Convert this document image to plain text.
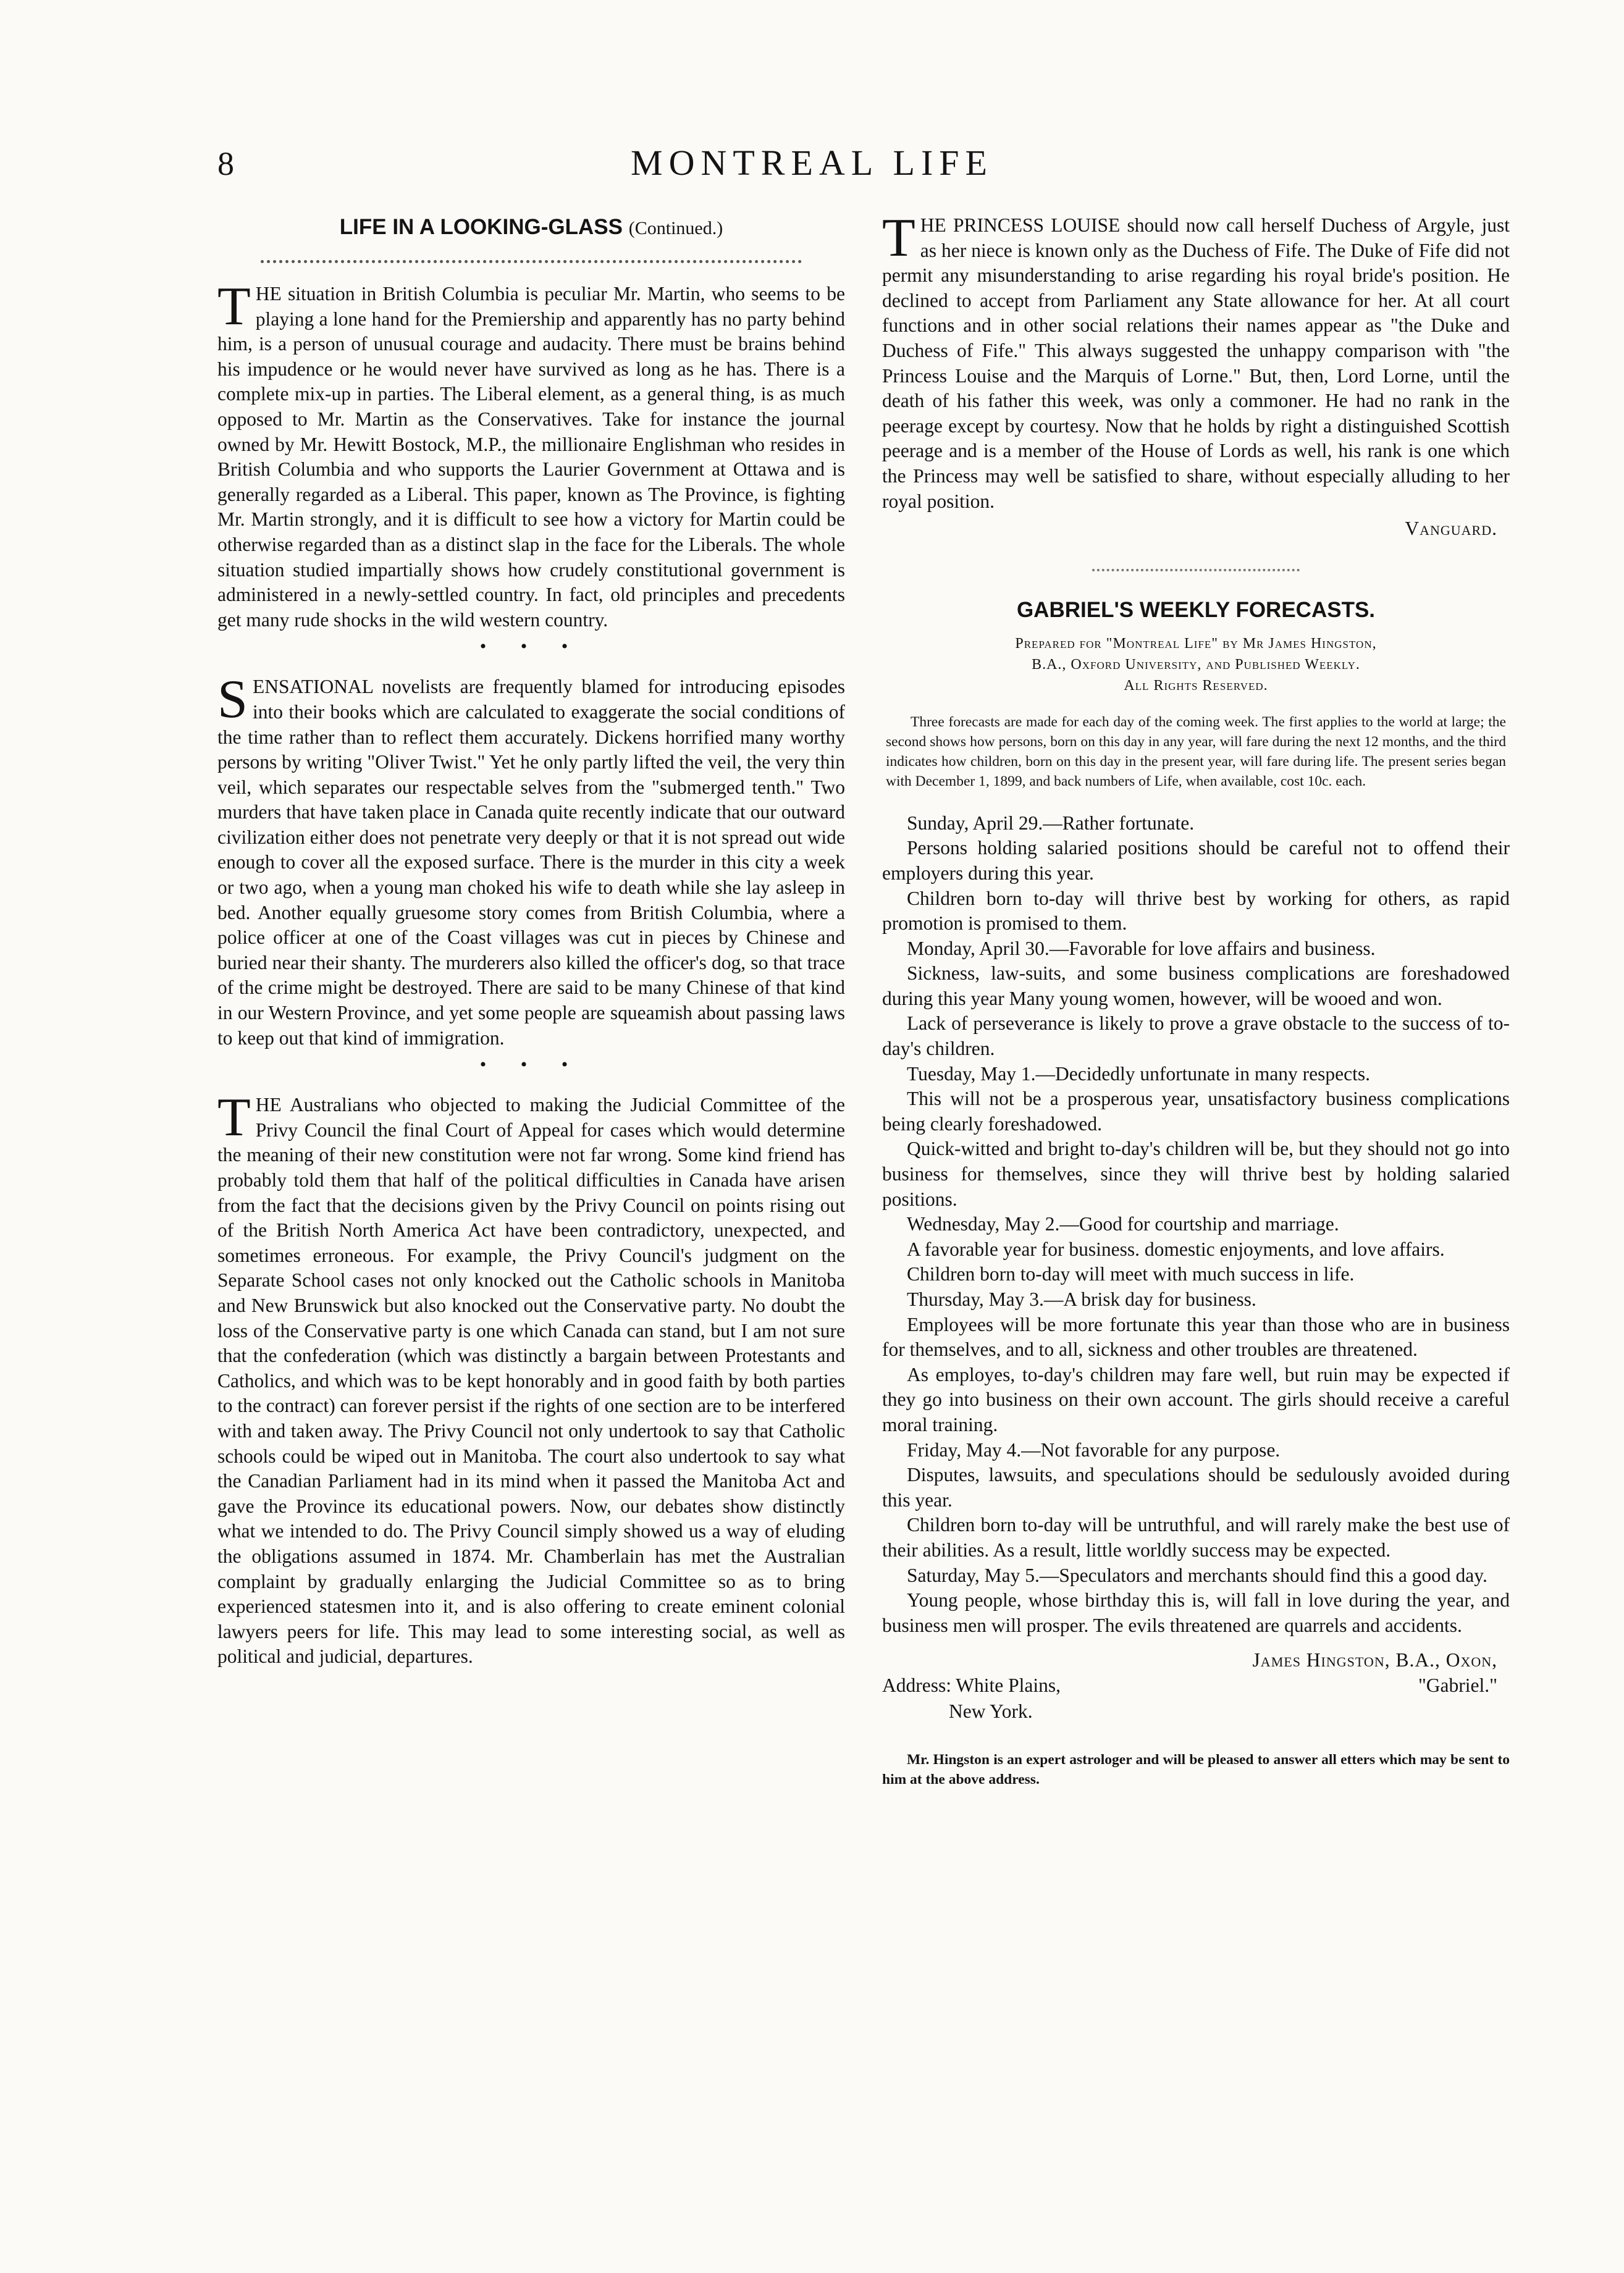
8	MONTREAL LIFE
LIFE IN A LOOKING-GLASS (Continued.)
T HE situation in British Columbia is peculiar Mr. Martin, who seems to be playing a lone hand for the Premiership and apparently has no party behind him, is a person of unusual courage and audacity. There must be brains behind his impudence or he would never have survived as long as he has. There is a complete mix-up in parties. The Liberal element, as a general thing, is as much opposed to Mr. Martin as the Conservatives. Take for instance the journal owned by Mr. Hewitt Bostock, M.P., the millionaire Englishman who resides in British Columbia and who supports the Laurier Government at Ottawa and is generally regarded as a Liberal. This paper, known as The Province, is fighting Mr. Martin strongly, and it is difficult to see how a victory for Martin could be otherwise regarded than as a distinct slap in the face for the Liberals. The whole situation studied impartially shows how crudely constitutional government is administered in a newly-settled country. In fact, old principles and precedents get many rude shocks in the wild western country.

• • •
S ENSATIONAL novelists are frequently blamed for introducing episodes into their books which are calculated to exaggerate the social conditions of the time rather than to reflect them accurately. Dickens horrified many worthy persons by writing "Oliver Twist." Yet he only partly lifted the veil, the very thin veil, which separates our respectable selves from the "submerged tenth." Two murders that have taken place in Canada quite recently indicate that our outward civilization either does not penetrate very deeply or that it is not spread out wide enough to cover all the exposed surface. There is the murder in this city a week or two ago, when a young man choked his wife to death while she lay asleep in bed. Another equally gruesome story comes from British Columbia, where a police officer at one of the Coast villages was cut in pieces by Chinese and buried near their shanty. The murderers also killed the officer's dog, so that trace of the crime might be destroyed. There are said to be many Chinese of that kind in our Western Province, and yet some people are squeamish about passing laws to keep out that kind of immigration.

• • •
T HE Australians who objected to making the Judicial Committee of the Privy Council the final Court of Appeal for cases which would determine the meaning of their new constitution were not far wrong. Some kind friend has probably told them that half of the political difficulties in Canada have arisen from the fact that the decisions given by the Privy Council on points rising out of the British North America Act have been contradictory, unexpected, and sometimes erroneous. For example, the Privy Council's judgment on the Separate School cases not only knocked out the Catholic schools in Manitoba and New Brunswick but also knocked out the Conservative party. No doubt the loss of the Conservative party is one which Canada can stand, but I am not sure that the confederation (which was distinctly a bargain between Protestants and Catholics, and which was to be kept honorably and in good faith by both parties to the contract) can forever persist if the rights of one section are to be interfered with and taken away. The Privy Council not only undertook to say that Catholic schools could be wiped out in Manitoba. The court also undertook to say what the Canadian Parliament had in its mind when it passed the Manitoba Act and gave the Province its educational powers. Now, our debates show distinctly what we intended to do. The Privy Council simply showed us a way of eluding the obligations assumed in 1874. Mr. Chamberlain has met the Australian complaint by gradually enlarging the Judicial Committee so as to bring experienced statesmen into it, and is also offering to create eminent colonial lawyers peers for life. This may lead to some interesting social, as well as political and judicial, departures.

T HE PRINCESS LOUISE should now call herself Duchess of Argyle, just as her niece is known only as the Duchess of Fife. The Duke of Fife did not permit any misunderstanding to arise regarding his royal bride's position. He declined to accept from Parliament any State allowance for her. At all court functions and in other social relations their names appear as "the Duke and Duchess of Fife." This always suggested the unhappy comparison with "the Princess Louise and the Marquis of Lorne." But, then, Lord Lorne, until the death of his father this week, was only a commoner. He had no rank in the peerage except by courtesy. Now that he holds by right a distinguished Scottish peerage and is a member of the House of Lords as well, his rank is one which the Princess may well be satisfied to share, without especially alluding to her royal position.

Vanguard.

GABRIEL'S WEEKLY FORECASTS.
Prepared for "Montreal Life" by Mr James Hingston,
B.A., Oxford University, and Published Weekly.
All Rights Reserved.

Three forecasts are made for each day of the coming week. The first applies to the world at large; the second shows how persons, born on this day in any year, will fare during the next 12 months, and the third indicates how children, born on this day in the present year, will fare during life. The present series began with December 1, 1899, and back numbers of Life, when available, cost 10c. each.

Sunday, April 29.—Rather fortunate.

Persons holding salaried positions should be careful not to offend their employers during this year.

Children born to-day will thrive best by working for others, as rapid promotion is promised to them.

Monday, April 30.—Favorable for love affairs and business.

Sickness, law-suits, and some business complications are foreshadowed during this year Many young women, however, will be wooed and won.

Lack of perseverance is likely to prove a grave obstacle to the success of to-day's children.

Tuesday, May 1.—Decidedly unfortunate in many respects.

This will not be a prosperous year, unsatisfactory business complications being clearly foreshadowed.

Quick-witted and bright to-day's children will be, but they should not go into business for themselves, since they will thrive best by holding salaried positions.

Wednesday, May 2.—Good for courtship and marriage.

A favorable year for business. domestic enjoyments, and love affairs.

Children born to-day will meet with much success in life.

Thursday, May 3.—A brisk day for business.

Employees will be more fortunate this year than those who are in business for themselves, and to all, sickness and other troubles are threatened.

As employes, to-day's children may fare well, but ruin may be expected if they go into business on their own account. The girls should receive a careful moral training.

Friday, May 4.—Not favorable for any purpose.

Disputes, lawsuits, and speculations should be sedulously avoided during this year.

Children born to-day will be untruthful, and will rarely make the best use of their abilities. As a result, little worldly success may be expected.

Saturday, May 5.—Speculators and merchants should find this a good day.

Young people, whose birthday this is, will fall in love during the year, and business men will prosper. The evils threatened are quarrels and accidents.

James Hingston, B.A., Oxon,

Address: White Plains,	"Gabriel."
New York.

Mr. Hingston is an expert astrologer and will be pleased to answer all etters which may be sent to him at the above address.
